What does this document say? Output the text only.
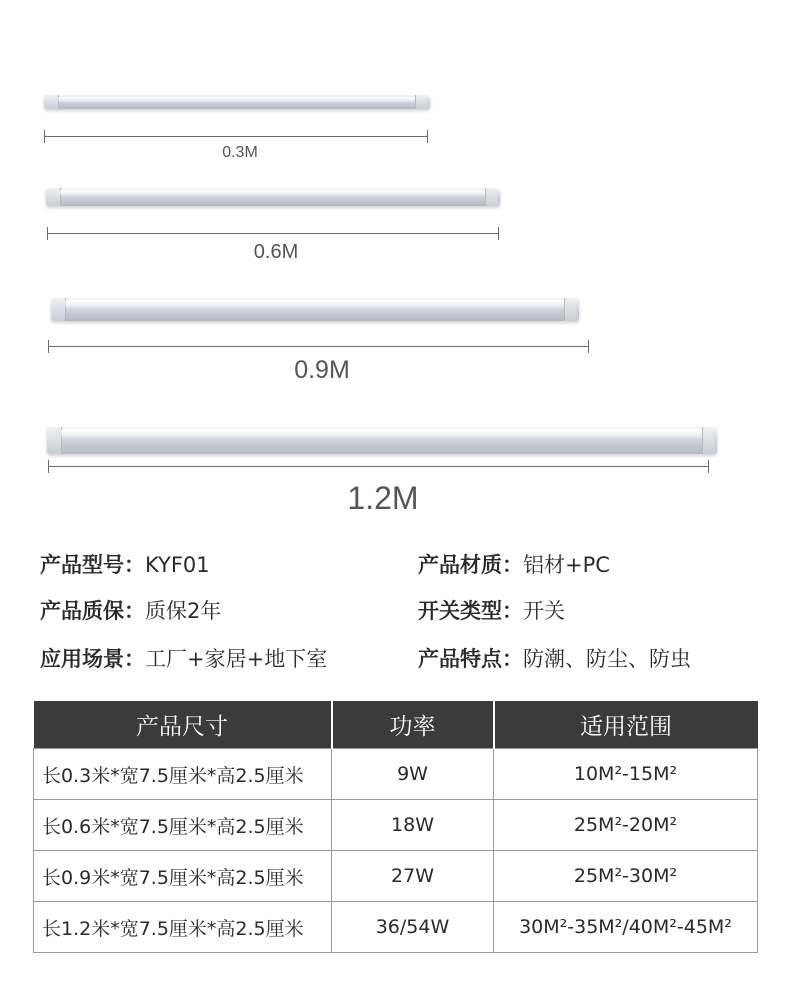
0.3M
0.6M
0.9M
1.2M
产品型号：KYF01	产品材质：铝材+PC
产品质保：质保2年	开关类型：开关
应用场景：工厂+家居+地下室	产品特点：防潮、防尘、防虫
产品尺寸	功率	适用范围
长0.3米*宽7.5厘米*高2.5厘米	9W	10M²-15M²
长0.6米*宽7.5厘米*高2.5厘米	18W	25M²-20M²
长0.9米*宽7.5厘米*高2.5厘米	27W	25M²-30M²
长1.2米*宽7.5厘米*高2.5厘米	36/54W	30M²-35M²/40M²-45M²
